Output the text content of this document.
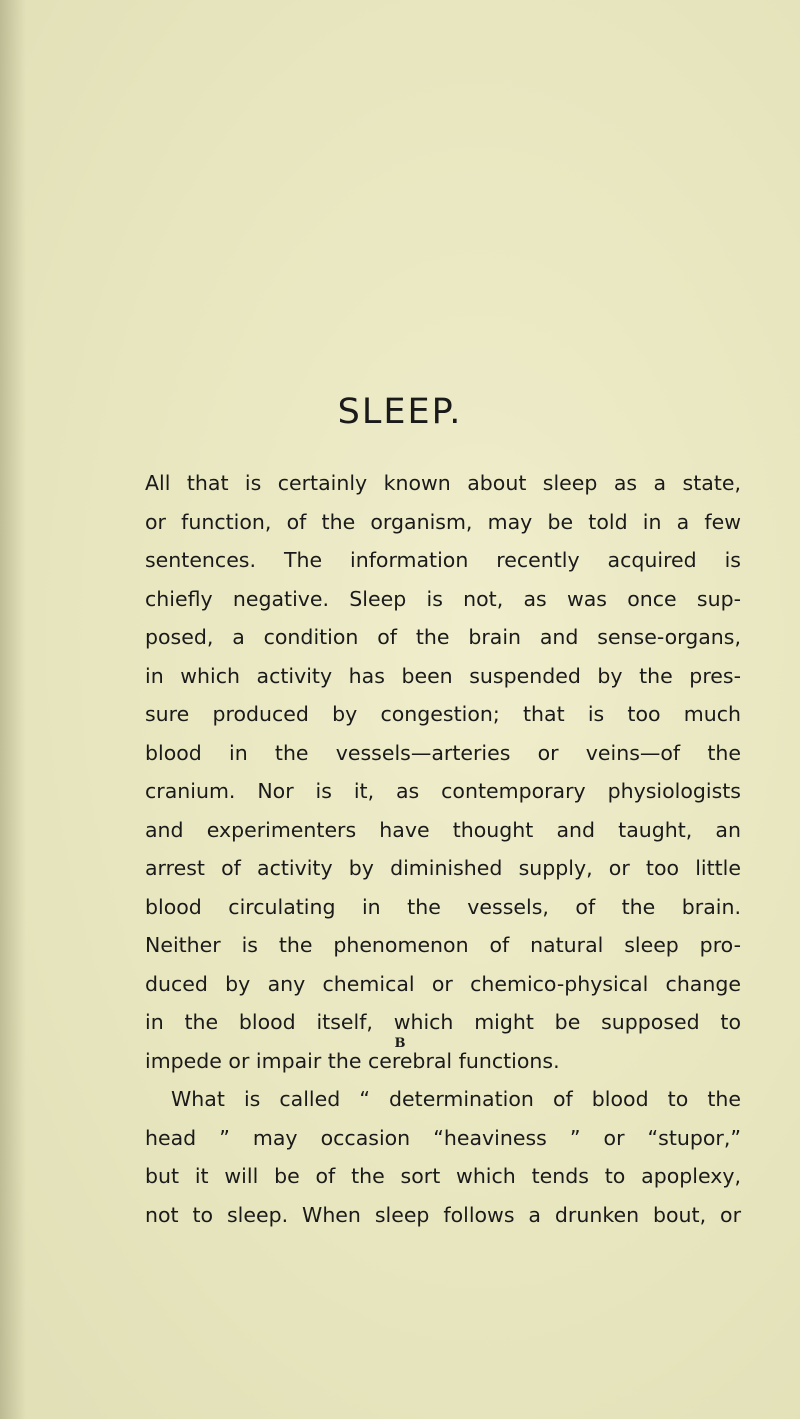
SLEEP.
All that is certainly known about sleep as a state,
or function, of the organism, may be told in a few
sentences. The information recently acquired is
chiefly negative. Sleep is not, as was once sup-
posed, a condition of the brain and sense-organs,
in which activity has been suspended by the pres-
sure produced by congestion; that is too much
blood in the vessels—arteries or veins—of the
cranium. Nor is it, as contemporary physiologists
and experimenters have thought and taught, an
arrest of activity by diminished supply, or too little
blood circulating in the vessels, of the brain.
Neither is the phenomenon of natural sleep pro-
duced by any chemical or chemico-physical change
in the blood itself, which might be supposed to
impede or impair the cerebral functions.
What is called “ determination of blood to the
head ” may occasion “heaviness ” or “stupor,”
but it will be of the sort which tends to apoplexy,
not to sleep. When sleep follows a drunken bout, or
B
